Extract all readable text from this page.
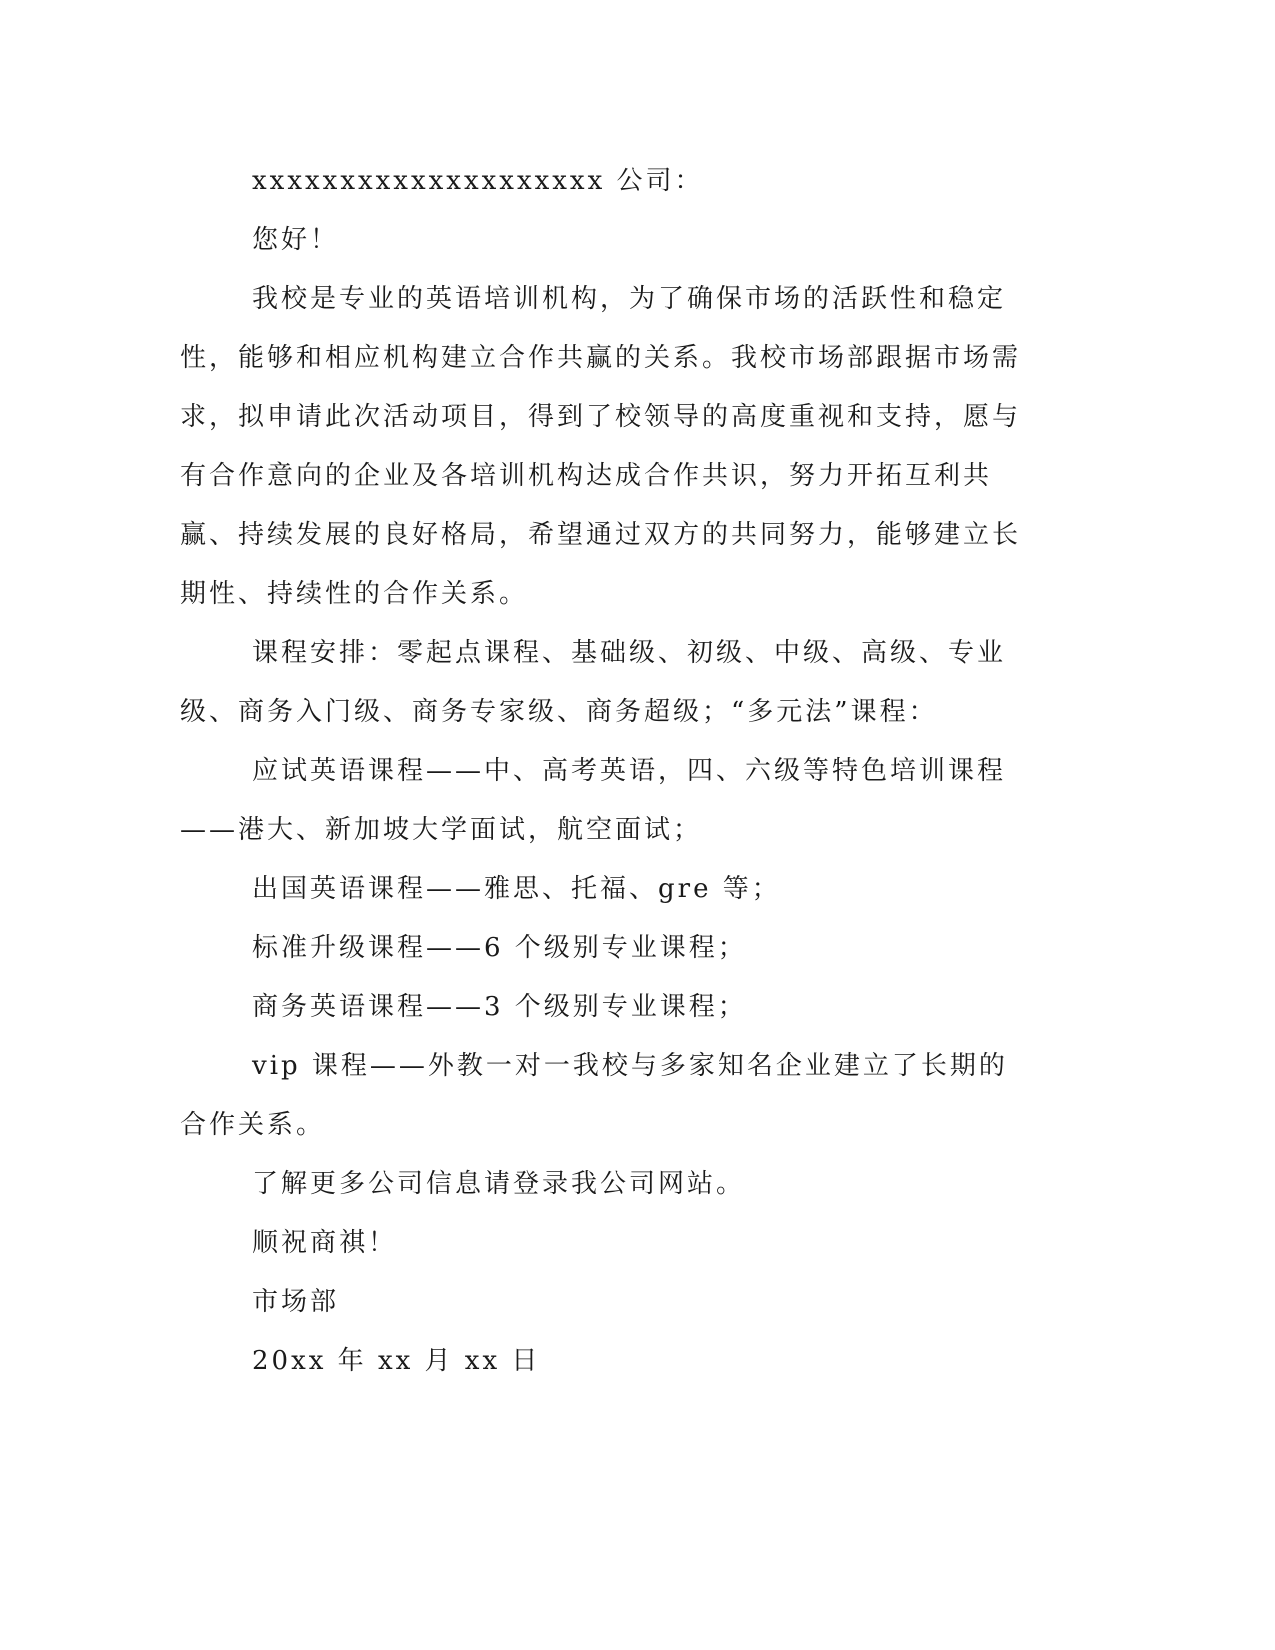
xxxxxxxxxxxxxxxxxxxx 公司：

您好！

我校是专业的英语培训机构，为了确保市场的活跃性和稳定性，能够和相应机构建立合作共赢的关系。我校市场部跟据市场需求，拟申请此次活动项目，得到了校领导的高度重视和支持，愿与有合作意向的企业及各培训机构达成合作共识，努力开拓互利共赢、持续发展的良好格局，希望通过双方的共同努力，能够建立长期性、持续性的合作关系。

课程安排：零起点课程、基础级、初级、中级、高级、专业级、商务入门级、商务专家级、商务超级；“多元法”课程：

应试英语课程——中、高考英语，四、六级等特色培训课程——港大、新加坡大学面试，航空面试；

出国英语课程——雅思、托福、gre 等；

标准升级课程——6 个级别专业课程；

商务英语课程——3 个级别专业课程；

vip 课程——外教一对一我校与多家知名企业建立了长期的合作关系。

了解更多公司信息请登录我公司网站。

顺祝商祺！

市场部

20xx 年 xx 月 xx 日
